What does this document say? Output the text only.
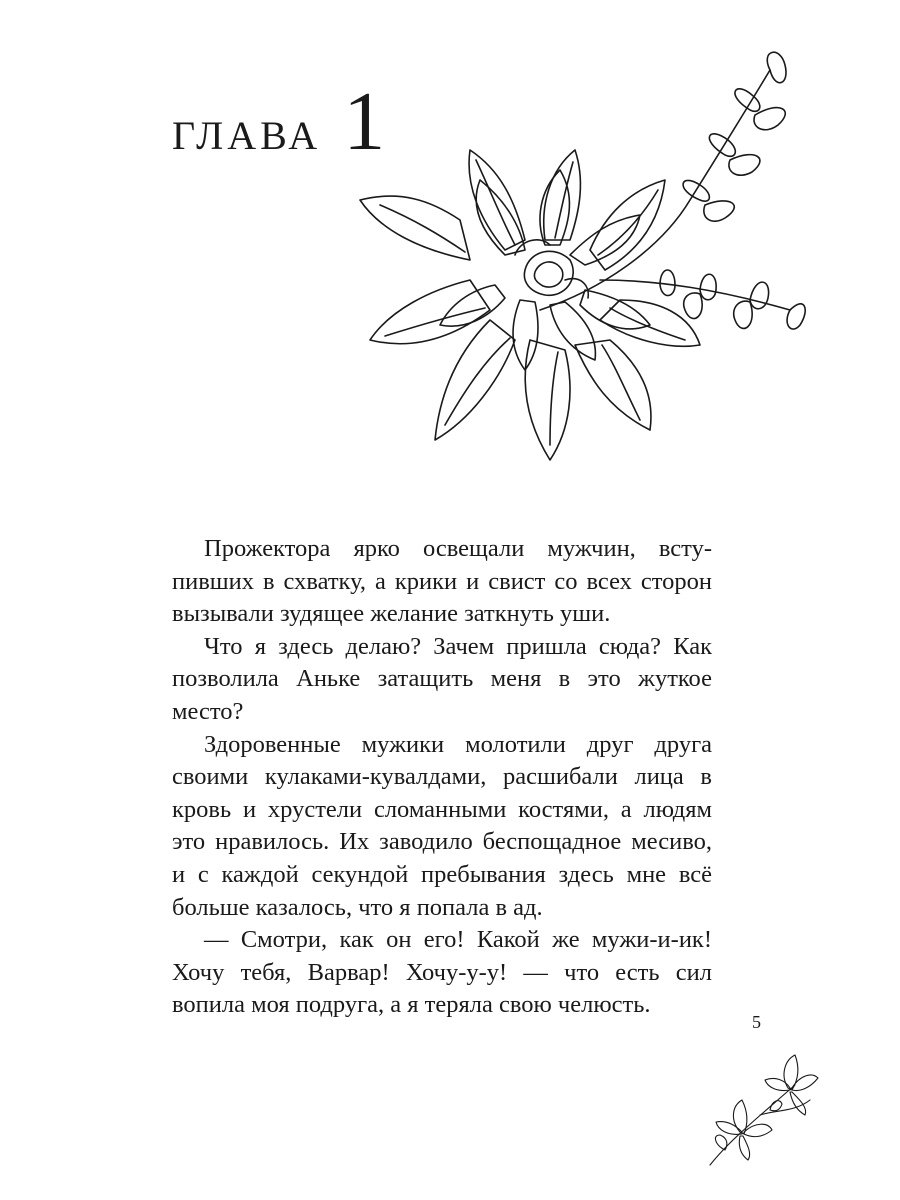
ГЛАВА 1

Прожектора ярко освещали мужчин, вступивших в схватку, а крики и свист со всех сторон вызывали зудящее желание заткнуть уши.

Что я здесь делаю? Зачем пришла сюда? Как позволила Аньке затащить меня в это жуткое место?

Здоровенные мужики молотили друг друга своими кулаками-кувалдами, расшибали лица в кровь и хрустели сломанными костями, а людям это нравилось. Их заводило беспощадное месиво, и с каждой секундой пребывания здесь мне всё больше казалось, что я попала в ад.

— Смотри, как он его! Какой же мужи-и-ик! Хочу тебя, Варвар! Хочу-у-у! — что есть сил вопила моя подруга, а я теряла свою челюсть.

5
